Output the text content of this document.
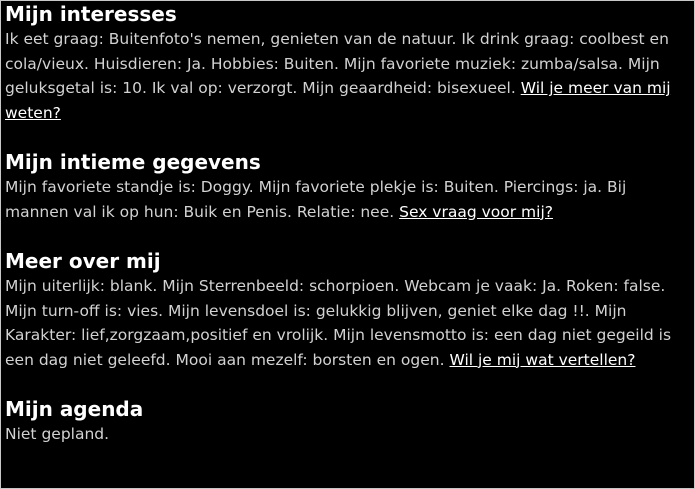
Mijn interesses

Ik eet graag: Buitenfoto's nemen, genieten van de natuur. Ik drink graag: coolbest en cola/vieux. Huisdieren: Ja. Hobbies: Buiten. Mijn favoriete muziek: zumba/salsa. Mijn geluksgetal is: 10. Ik val op: verzorgt. Mijn geaardheid: bisexueel. Wil je meer van mij weten?

Mijn intieme gegevens

Mijn favoriete standje is: Doggy. Mijn favoriete plekje is: Buiten. Piercings: ja. Bij mannen val ik op hun: Buik en Penis. Relatie: nee. Sex vraag voor mij?

Meer over mij

Mijn uiterlijk: blank. Mijn Sterrenbeeld: schorpioen. Webcam je vaak: Ja. Roken: false. Mijn turn-off is: vies. Mijn levensdoel is: gelukkig blijven, geniet elke dag !!. Mijn Karakter: lief,zorgzaam,positief en vrolijk. Mijn levensmotto is: een dag niet gegeild is een dag niet geleefd. Mooi aan mezelf: borsten en ogen. Wil je mij wat vertellen?

Mijn agenda

Niet gepland.
